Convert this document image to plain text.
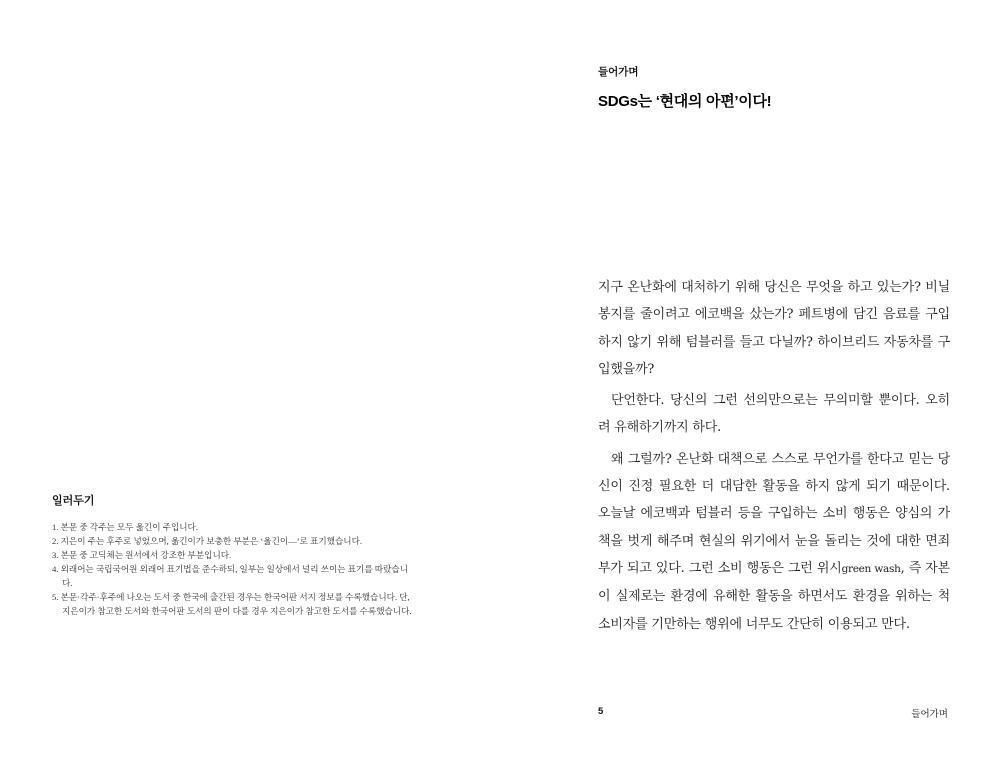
일러두기
1. 본문 중 각주는 모두 옮긴이 주입니다.
2. 지은이 주는 후주로 넣었으며, 옮긴이가 보충한 부분은 ‘옮긴이—’로 표기했습니다.
3. 본문 중 고딕체는 원서에서 강조한 부분입니다.
4. 외래어는 국립국어원 외래어 표기법을 준수하되, 일부는 일상에서 널리 쓰이는 표기를 따랐습니다.
5. 본문·각주·후주에 나오는 도서 중 한국에 출간된 경우는 한국어판 서지 정보를 수록했습니다. 단, 지은이가 참고한 도서와 한국어판 도서의 판이 다를 경우 지은이가 참고한 도서를 수록했습니다.
들어가며
SDGs는 ‘현대의 아편’이다!

지구 온난화에 대처하기 위해 당신은 무엇을 하고 있는가? 비닐봉지를 줄이려고 에코백을 샀는가? 페트병에 담긴 음료를 구입하지 않기 위해 텀블러를 들고 다닐까? 하이브리드 자동차를 구입했을까?

단언한다. 당신의 그런 선의만으로는 무의미할 뿐이다. 오히려 유해하기까지 하다.

왜 그럴까? 온난화 대책으로 스스로 무언가를 한다고 믿는 당신이 진정 필요한 더 대담한 활동을 하지 않게 되기 때문이다. 오늘날 에코백과 텀블러 등을 구입하는 소비 행동은 양심의 가책을 벗게 해주며 현실의 위기에서 눈을 돌리는 것에 대한 면죄부가 되고 있다. 그런 소비 행동은 그런 위시green wash, 즉 자본이 실제로는 환경에 유해한 활동을 하면서도 환경을 위하는 척 소비자를 기만하는 행위에 너무도 간단히 이용되고 만다.

5	들어가며
